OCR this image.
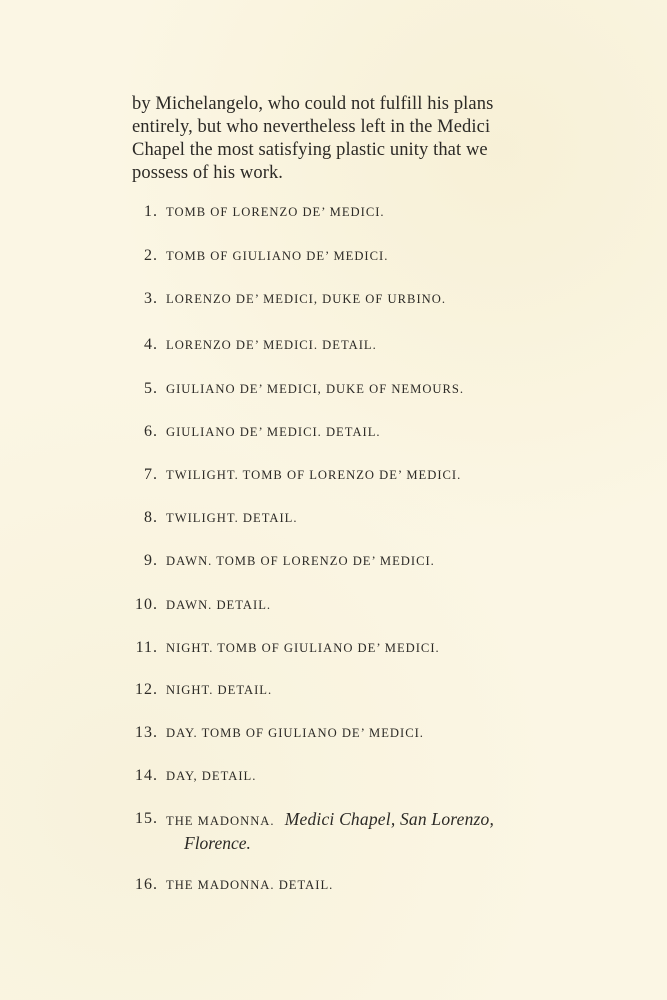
by Michelangelo, who could not fulfill his plans

entirely, but who nevertheless left in the Medici

Chapel the most satisfying plastic unity that we

possess of his work.

1. TOMB OF LORENZO DE’ MEDICI.
2. TOMB OF GIULIANO DE’ MEDICI.
3. LORENZO DE’ MEDICI, DUKE OF URBINO.
4. LORENZO DE’ MEDICI. DETAIL.
5. GIULIANO DE’ MEDICI, DUKE OF NEMOURS.
6. GIULIANO DE’ MEDICI. DETAIL.
7. TWILIGHT. TOMB OF LORENZO DE’ MEDICI.
8. TWILIGHT. DETAIL.
9. DAWN. TOMB OF LORENZO DE’ MEDICI.
10. DAWN. DETAIL.
11. NIGHT. TOMB OF GIULIANO DE’ MEDICI.
12. NIGHT. DETAIL.
13. DAY. TOMB OF GIULIANO DE’ MEDICI.
14. DAY, DETAIL.
15. THE MADONNA. Medici Chapel, San Lorenzo,
Florence.
16. THE MADONNA. DETAIL.
